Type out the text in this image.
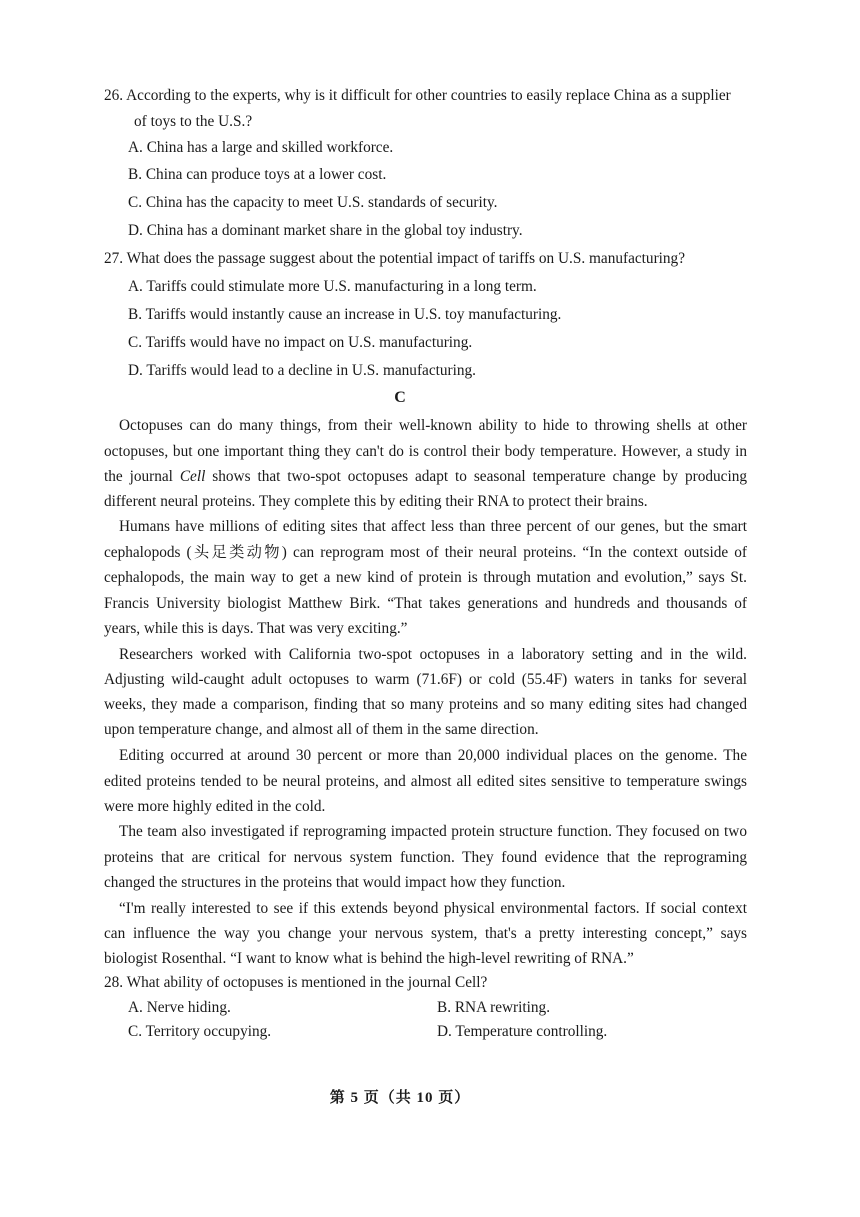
26. According to the experts, why is it difficult for other countries to easily replace China as a supplier
of toys to the U.S.?
A. China has a large and skilled workforce.
B. China can produce toys at a lower cost.
C. China has the capacity to meet U.S. standards of security.
D. China has a dominant market share in the global toy industry.
27. What does the passage suggest about the potential impact of tariffs on U.S. manufacturing?
A. Tariffs could stimulate more U.S. manufacturing in a long term.
B. Tariffs would instantly cause an increase in U.S. toy manufacturing.
C. Tariffs would have no impact on U.S. manufacturing.
D. Tariffs would lead to a decline in U.S. manufacturing.
C
Octopuses can do many things, from their well-known ability to hide to throwing shells at other
octopuses, but one important thing they can't do is control their body temperature. However, a study in
the journal Cell shows that two-spot octopuses adapt to seasonal temperature change by producing
different neural proteins. They complete this by editing their RNA to protect their brains.
Humans have millions of editing sites that affect less than three percent of our genes, but the smart
cephalopods (头足类动物) can reprogram most of their neural proteins. “In the context outside of
cephalopods, the main way to get a new kind of protein is through mutation and evolution,” says St.
Francis University biologist Matthew Birk. “That takes generations and hundreds and thousands of
years, while this is days. That was very exciting.”
Researchers worked with California two-spot octopuses in a laboratory setting and in the wild.
Adjusting wild-caught adult octopuses to warm (71.6F) or cold (55.4F) waters in tanks for several
weeks, they made a comparison, finding that so many proteins and so many editing sites had changed
upon temperature change, and almost all of them in the same direction.
Editing occurred at around 30 percent or more than 20,000 individual places on the genome. The
edited proteins tended to be neural proteins, and almost all edited sites sensitive to temperature swings
were more highly edited in the cold.
The team also investigated if reprograming impacted protein structure function. They focused on two
proteins that are critical for nervous system function. They found evidence that the reprograming
changed the structures in the proteins that would impact how they function.
“I'm really interested to see if this extends beyond physical environmental factors. If social context
can influence the way you change your nervous system, that's a pretty interesting concept,” says
biologist Rosenthal. “I want to know what is behind the high-level rewriting of RNA.”
28. What ability of octopuses is mentioned in the journal Cell?
A. Nerve hiding.	B. RNA rewriting.
C. Territory occupying.	D. Temperature controlling.
第 5 页（共 10 页）
